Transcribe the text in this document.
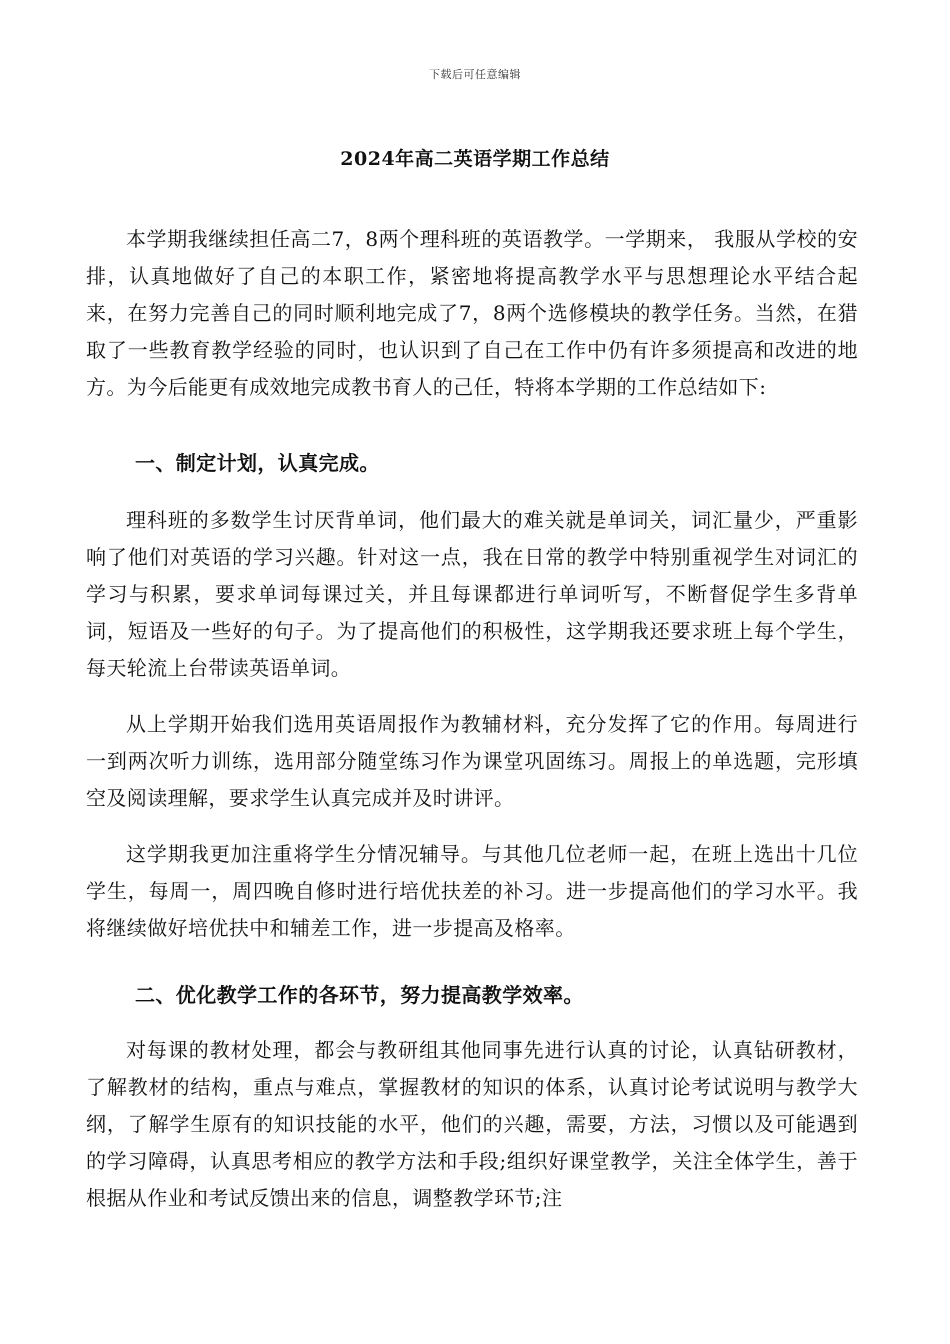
下载后可任意编辑
2024年高二英语学期工作总结

本学期我继续担任高二7，8两个理科班的英语教学。一学期来， 我服从学校的安排，认真地做好了自己的本职工作，紧密地将提高教学水平与思想理论水平结合起来，在努力完善自己的同时顺利地完成了7，8两个选修模块的教学任务。当然，在猎取了一些教育教学经验的同时，也认识到了自己在工作中仍有许多须提高和改进的地方。为今后能更有成效地完成教书育人的己任，特将本学期的工作总结如下:

一、制定计划，认真完成。

理科班的多数学生讨厌背单词，他们最大的难关就是单词关，词汇量少，严重影响了他们对英语的学习兴趣。针对这一点，我在日常的教学中特别重视学生对词汇的学习与积累，要求单词每课过关，并且每课都进行单词听写，不断督促学生多背单词，短语及一些好的句子。为了提高他们的积极性，这学期我还要求班上每个学生，每天轮流上台带读英语单词。

从上学期开始我们选用英语周报作为教辅材料，充分发挥了它的作用。每周进行一到两次听力训练，选用部分随堂练习作为课堂巩固练习。周报上的单选题，完形填空及阅读理解，要求学生认真完成并及时讲评。

这学期我更加注重将学生分情况辅导。与其他几位老师一起，在班上选出十几位学生，每周一，周四晚自修时进行培优扶差的补习。进一步提高他们的学习水平。我将继续做好培优扶中和辅差工作，进一步提高及格率。

二、优化教学工作的各环节，努力提高教学效率。

对每课的教材处理，都会与教研组其他同事先进行认真的讨论，认真钻研教材，了解教材的结构，重点与难点，掌握教材的知识的体系，认真讨论考试说明与教学大纲，了解学生原有的知识技能的水平，他们的兴趣，需要，方法，习惯以及可能遇到的学习障碍，认真思考相应的教学方法和手段;组织好课堂教学，关注全体学生，善于根据从作业和考试反馈出来的信息，调整教学环节;注
